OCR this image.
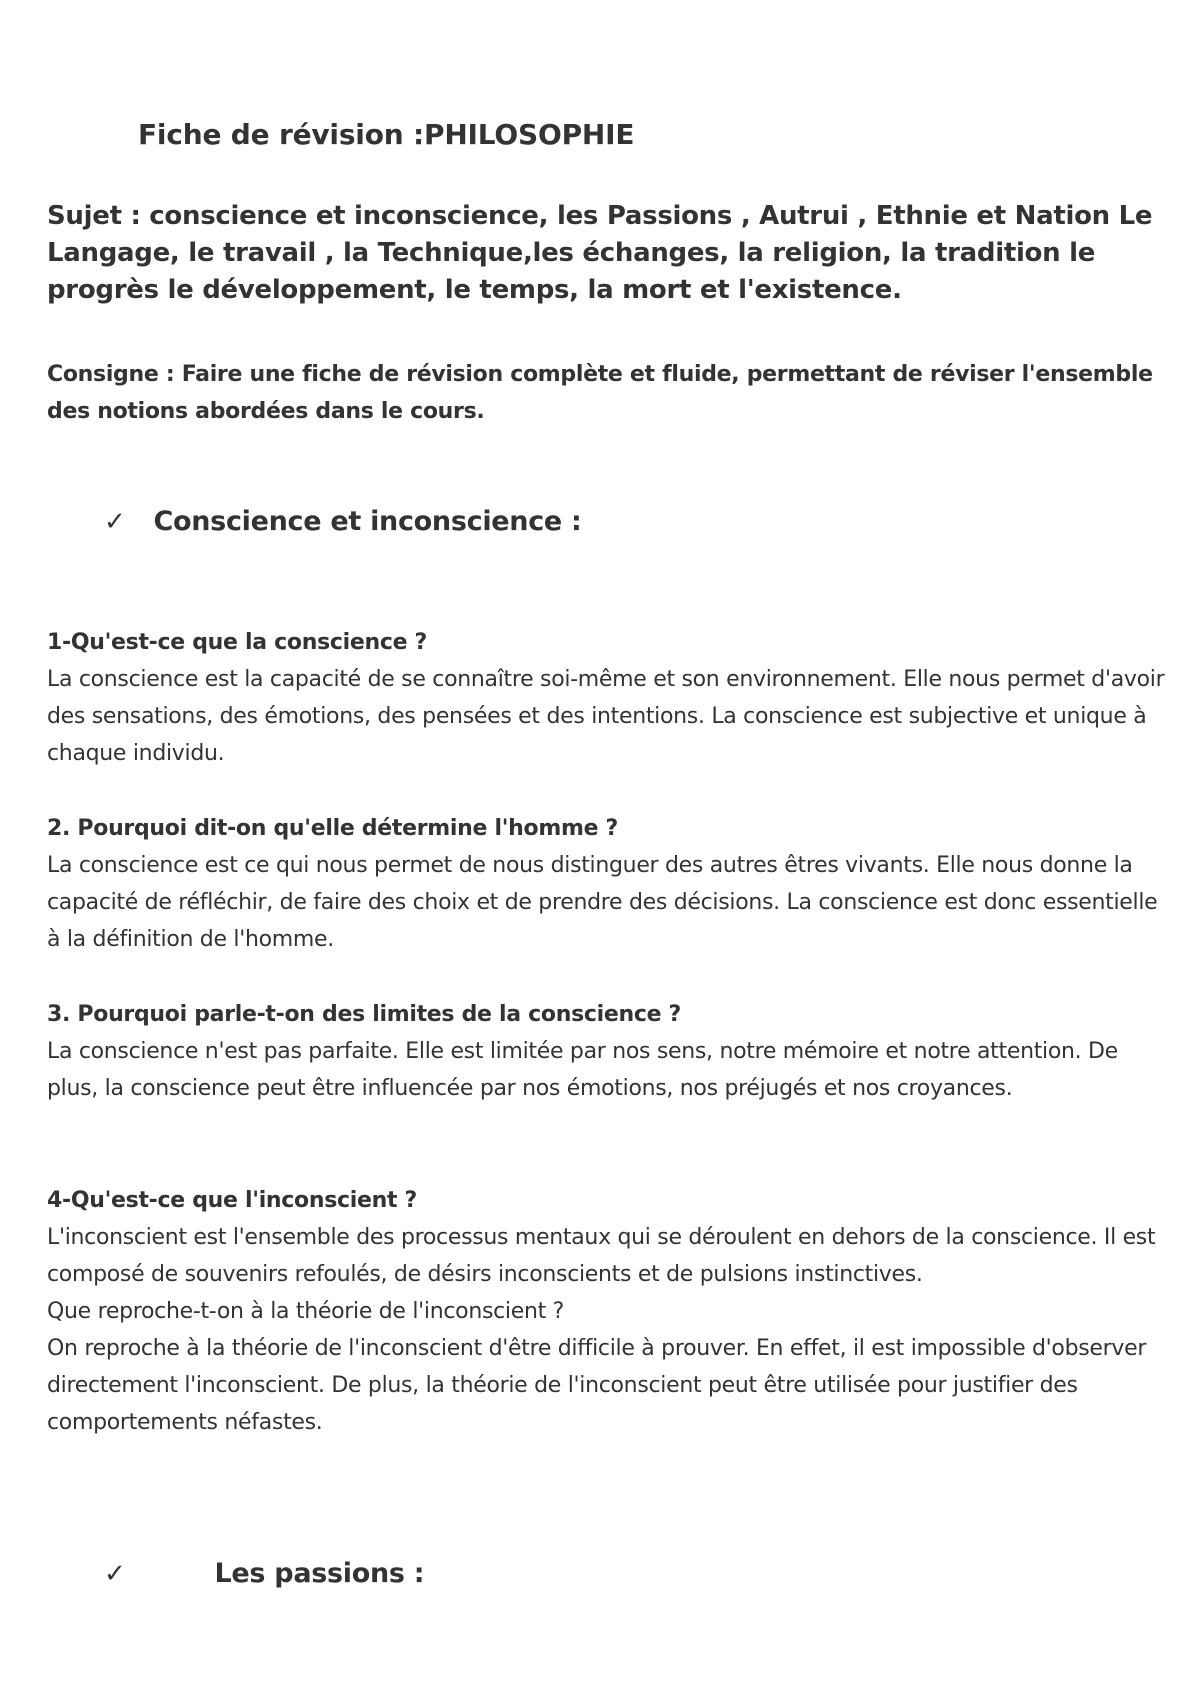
Fiche de révision :PHILOSOPHIE

Sujet : conscience et inconscience, les Passions , Autrui , Ethnie et Nation Le Langage, le travail , la Technique,les échanges, la religion, la tradition le progrès le développement, le temps, la mort et l'existence.

Consigne : Faire une fiche de révision complète et fluide, permettant de réviser l'ensemble des notions abordées dans le cours.

✓ Conscience et inconscience :

1-Qu'est-ce que la conscience ?

La conscience est la capacité de se connaître soi-même et son environnement. Elle nous permet d'avoir des sensations, des émotions, des pensées et des intentions. La conscience est subjective et unique à chaque individu.

2. Pourquoi dit-on qu'elle détermine l'homme ?

La conscience est ce qui nous permet de nous distinguer des autres êtres vivants. Elle nous donne la capacité de réfléchir, de faire des choix et de prendre des décisions. La conscience est donc essentielle à la définition de l'homme.

3. Pourquoi parle-t-on des limites de la conscience ?

La conscience n'est pas parfaite. Elle est limitée par nos sens, notre mémoire et notre attention. De plus, la conscience peut être influencée par nos émotions, nos préjugés et nos croyances.

4-Qu'est-ce que l'inconscient ?

L'inconscient est l'ensemble des processus mentaux qui se déroulent en dehors de la conscience. Il est composé de souvenirs refoulés, de désirs inconscients et de pulsions instinctives.

Que reproche-t-on à la théorie de l'inconscient ?

On reproche à la théorie de l'inconscient d'être difficile à prouver. En effet, il est impossible d'observer directement l'inconscient. De plus, la théorie de l'inconscient peut être utilisée pour justifier des comportements néfastes.

✓	Les passions :
